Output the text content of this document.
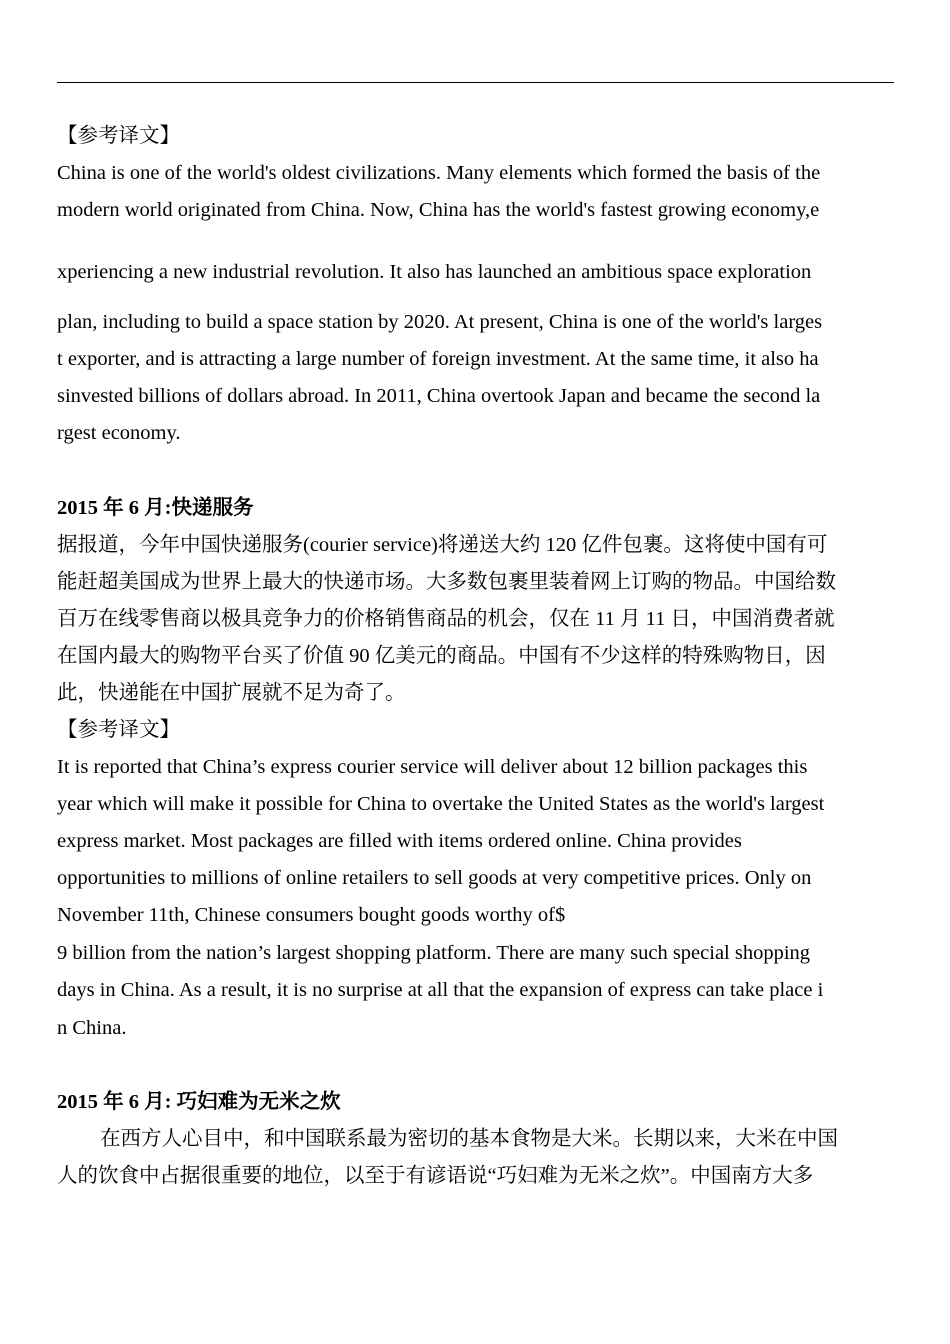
【参考译文】
China is one of the world's oldest civilizations. Many elements which formed the basis of the
modern world originated from China. Now, China has the world's fastest growing economy,e
xperiencing a new industrial revolution. It also has launched an ambitious space exploration
plan, including to build a space station by 2020. At present, China is one of the world's larges
t exporter, and is attracting a large number of foreign investment. At the same time, it also ha
sinvested billions of dollars abroad. In 2011, China overtook Japan and became the second la
rgest economy.
2015 年 6 月:快递服务
据报道，今年中国快递服务(courier service)将递送大约 120 亿件包裹。这将使中国有可
能赶超美国成为世界上最大的快递市场。大多数包裹里装着网上订购的物品。中国给数
百万在线零售商以极具竞争力的价格销售商品的机会，仅在 11 月 11 日，中国消费者就
在国内最大的购物平台买了价值 90 亿美元的商品。中国有不少这样的特殊购物日，因
此，快递能在中国扩展就不足为奇了。
【参考译文】
It is reported that China’s express courier service will deliver about 12 billion packages this
year which will make it possible for China to overtake the United States as the world's largest
express market. Most packages are filled with items ordered online. China provides
opportunities to millions of online retailers to sell goods at very competitive prices. Only on
November 11th, Chinese consumers bought goods worthy of$
9 billion from the nation’s largest shopping platform. There are many such special shopping
days in China. As a result, it is no surprise at all that the expansion of express can take place i
n China.
2015 年 6 月: 巧妇难为无米之炊
在西方人心目中，和中国联系最为密切的基本食物是大米。长期以来，大米在中国
人的饮食中占据很重要的地位，以至于有谚语说“巧妇难为无米之炊”。中国南方大多
